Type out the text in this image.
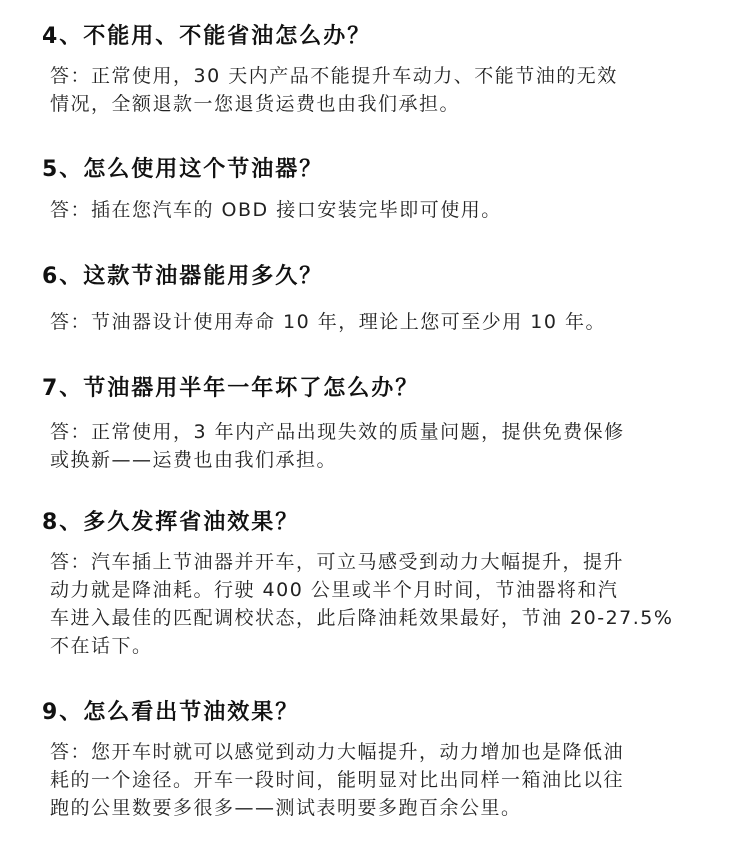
4、不能用、不能省油怎么办？
答：正常使用，30 天内产品不能提升车动力、不能节油的无效
情况，全额退款一您退货运费也由我们承担。
5、怎么使用这个节油器？
答：插在您汽车的 OBD 接口安装完毕即可使用。
6、这款节油器能用多久？
答：节油器设计使用寿命 10 年，理论上您可至少用 10 年。
7、节油器用半年一年坏了怎么办？
答：正常使用，3 年内产品出现失效的质量问题，提供免费保修
或换新——运费也由我们承担。
8、多久发挥省油效果？
答：汽车插上节油器并开车，可立马感受到动力大幅提升，提升
动力就是降油耗。行驶 400 公里或半个月时间，节油器将和汽
车进入最佳的匹配调校状态，此后降油耗效果最好，节油 20-27.5%
不在话下。
9、怎么看出节油效果？
答：您开车时就可以感觉到动力大幅提升，动力增加也是降低油
耗的一个途径。开车一段时间，能明显对比出同样一箱油比以往
跑的公里数要多很多——测试表明要多跑百余公里。
